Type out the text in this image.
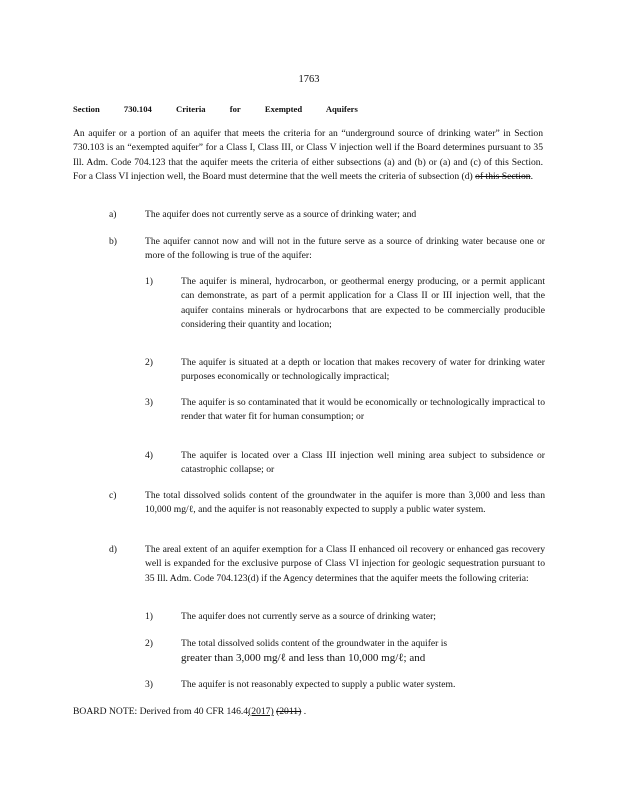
1763
Section	730.104	Criteria	for	Exempted	Aquifers
An aquifer or a portion of an aquifer that meets the criteria for an “underground source of drinking water” in Section 730.103 is an “exempted aquifer” for a Class I, Class III, or Class V injection well if the Board determines pursuant to 35 Ill. Adm. Code 704.123 that the aquifer meets the criteria of either subsections (a) and (b) or (a) and (c) of this Section. For a Class VI injection well, the Board must determine that the well meets the criteria of subsection (d) of this Section.
a)	The aquifer does not currently serve as a source of drinking water; and
b)	The aquifer cannot now and will not in the future serve as a source of drinking water because one or more of the following is true of the aquifer:
1)	The aquifer is mineral, hydrocarbon, or geothermal energy producing, or a permit applicant can demonstrate, as part of a permit application for a Class II or III injection well, that the aquifer contains minerals or hydrocarbons that are expected to be commercially producible considering their quantity and location;
2)	The aquifer is situated at a depth or location that makes recovery of water for drinking water purposes economically or technologically impractical;
3)	The aquifer is so contaminated that it would be economically or technologically impractical to render that water fit for human consumption; or
4)	The aquifer is located over a Class III injection well mining area subject to subsidence or catastrophic collapse; or
c)	The total dissolved solids content of the groundwater in the aquifer is more than 3,000 and less than 10,000 mg/ℓ, and the aquifer is not reasonably expected to supply a public water system.
d)	The areal extent of an aquifer exemption for a Class II enhanced oil recovery or enhanced gas recovery well is expanded for the exclusive purpose of Class VI injection for geologic sequestration pursuant to 35 Ill. Adm. Code 704.123(d) if the Agency determines that the aquifer meets the following criteria:
1)	The aquifer does not currently serve as a source of drinking water;
2)	The total dissolved solids content of the groundwater in the aquifer is
greater than 3,000 mg/ℓ and less than 10,000 mg/ℓ; and
3)	The aquifer is not reasonably expected to supply a public water system.
BOARD NOTE: Derived from 40 CFR 146.4(2017) (2011) .
